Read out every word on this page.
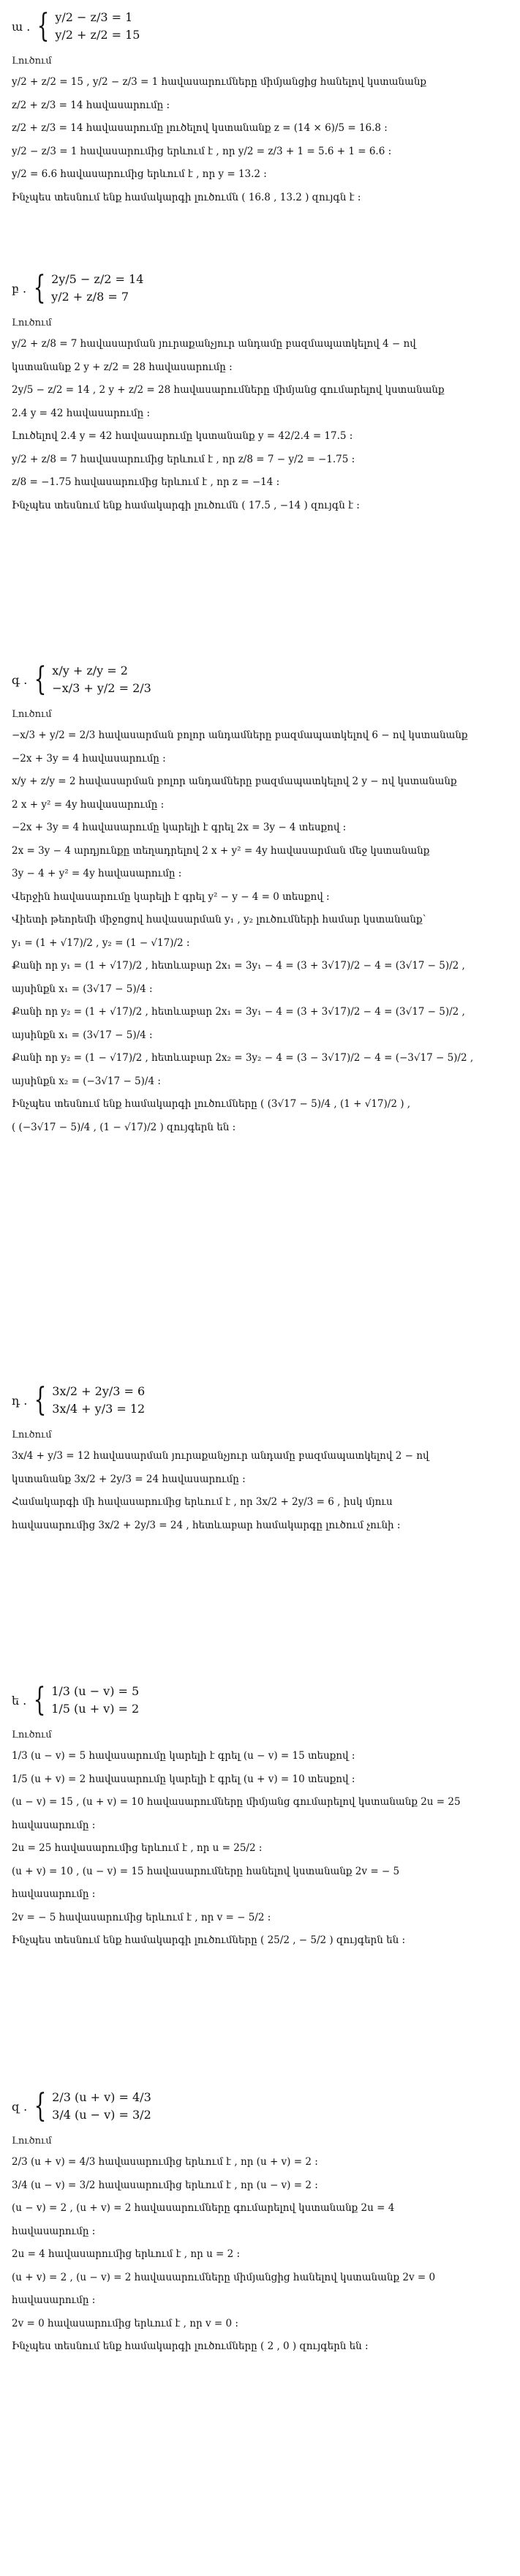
ա . { y/2 − z/3 = 1
y/2 + z/2 = 15
Լուծում
y/2 + z/2 = 15 , y/2 − z/3 = 1 հավասարումները միմյանցից հանելով կստանանք
z/2 + z/3 = 14 հավասարումը :
z/2 + z/3 = 14 հավասարումը լուծելով կստանանք z = (14 × 6)/5 = 16.8 :
y/2 − z/3 = 1 հավասարումից երևում է , որ y/2 = z/3 + 1 = 5.6 + 1 = 6.6 :
y/2 = 6.6 հավասարումից երևում է , որ y = 13.2 :
Ինչպես տեսնում ենք համակարգի լուծումն ( 16.8 , 13.2 ) զույգն է :
բ . { 2y/5 − z/2 = 14
y/2 + z/8 = 7
Լուծում
y/2 + z/8 = 7 հավասարման յուրաքանչյուր անդամը բազմապատկելով 4 − ով
կստանանք 2 y + z/2 = 28 հավասարումը :
2y/5 − z/2 = 14 , 2 y + z/2 = 28 հավասարումները միմյանց գումարելով կստանանք
2.4 y = 42 հավասարումը :
Լուծելով 2.4 y = 42 հավասարումը կստանանք y = 42/2.4 = 17.5 :
y/2 + z/8 = 7 հավասարումից երևում է , որ z/8 = 7 − y/2 = −1.75 :
z/8 = −1.75 հավասարումից երևում է , որ z = −14 :
Ինչպես տեսնում ենք համակարգի լուծումն ( 17.5 , −14 ) զույգն է :
գ . { x/y + z/y = 2
−x/3 + y/2 = 2/3
Լուծում
−x/3 + y/2 = 2/3 հավասարման բոլոր անդամները բազմապատկելով 6 − ով կստանանք
−2x + 3y = 4 հավասարումը :
x/y + z/y = 2 հավասարման բոլոր անդամները բազմապատկելով 2 y − ով կստանանք
2 x + y² = 4y հավասարումը :
−2x + 3y = 4 հավասարումը կարելի է գրել 2x = 3y − 4 տեսքով :
2x = 3y − 4 արդյունքը տեղադրելով 2 x + y² = 4y հավասարման մեջ կստանանք
3y − 4 + y² = 4y հավասարումը :
Վերջին հավասարումը կարելի է գրել y² − y − 4 = 0 տեսքով :
Վիետի թեորեմի միջոցով հավասարման y₁ , y₂ լուծումների համար կստանանք`
y₁ = (1 + √17)/2 , y₂ = (1 − √17)/2 :
Քանի որ y₁ = (1 + √17)/2 , հետևաբար 2x₁ = 3y₁ − 4 = (3 + 3√17)/2 − 4 = (3√17 − 5)/2 ,
այսինքն x₁ = (3√17 − 5)/4 :
Քանի որ y₂ = (1 + √17)/2 , հետևաբար 2x₁ = 3y₁ − 4 = (3 + 3√17)/2 − 4 = (3√17 − 5)/2 ,
այսինքն x₁ = (3√17 − 5)/4 :
Քանի որ y₂ = (1 − √17)/2 , հետևաբար 2x₂ = 3y₂ − 4 = (3 − 3√17)/2 − 4 = (−3√17 − 5)/2 ,
այսինքն x₂ = (−3√17 − 5)/4 :
Ինչպես տեսնում ենք համակարգի լուծումները ( (3√17 − 5)/4 , (1 + √17)/2 ) ,
( (−3√17 − 5)/4 , (1 − √17)/2 ) զույգերն են :
դ . { 3x/2 + 2y/3 = 6
3x/4 + y/3 = 12
Լուծում
3x/4 + y/3 = 12 հավասարման յուրաքանչյուր անդամը բազմապատկելով 2 − ով
կստանանք 3x/2 + 2y/3 = 24 հավասարումը :
Համակարգի մի հավասարումից երևում է , որ 3x/2 + 2y/3 = 6 , իսկ մյուս
հավասարումից 3x/2 + 2y/3 = 24 , հետևաբար համակարգը լուծում չունի :
ե . { 1/3 (u − v) = 5
1/5 (u + v) = 2
Լուծում
1/3 (u − v) = 5 հավասարումը կարելի է գրել (u − v) = 15 տեսքով :
1/5 (u + v) = 2 հավասարումը կարելի է գրել (u + v) = 10 տեսքով :
(u − v) = 15 , (u + v) = 10 հավասարումները միմյանց գումարելով կստանանք 2u = 25
հավասարումը :
2u = 25 հավասարումից երևում է , որ u = 25/2 :
(u + v) = 10 , (u − v) = 15 հավասարումները հանելով կստանանք 2v = − 5
հավասարումը :
2v = − 5 հավասարումից երևում է , որ v = − 5/2 :
Ինչպես տեսնում ենք համակարգի լուծումները ( 25/2 , − 5/2 ) զույգերն են :
զ . { 2/3 (u + v) = 4/3
3/4 (u − v) = 3/2
Լուծում
2/3 (u + v) = 4/3 հավասարումից երևում է , որ (u + v) = 2 :
3/4 (u − v) = 3/2 հավասարումից երևում է , որ (u − v) = 2 :
(u − v) = 2 , (u + v) = 2 հավասարումները գումարելով կստանանք 2u = 4
հավասարումը :
2u = 4 հավասարումից երևում է , որ u = 2 :
(u + v) = 2 , (u − v) = 2 հավասարումները միմյանցից հանելով կստանանք 2v = 0
հավասարումը :
2v = 0 հավասարումից երևում է , որ v = 0 :
Ինչպես տեսնում ենք համակարգի լուծումները ( 2 , 0 ) զույգերն են :
